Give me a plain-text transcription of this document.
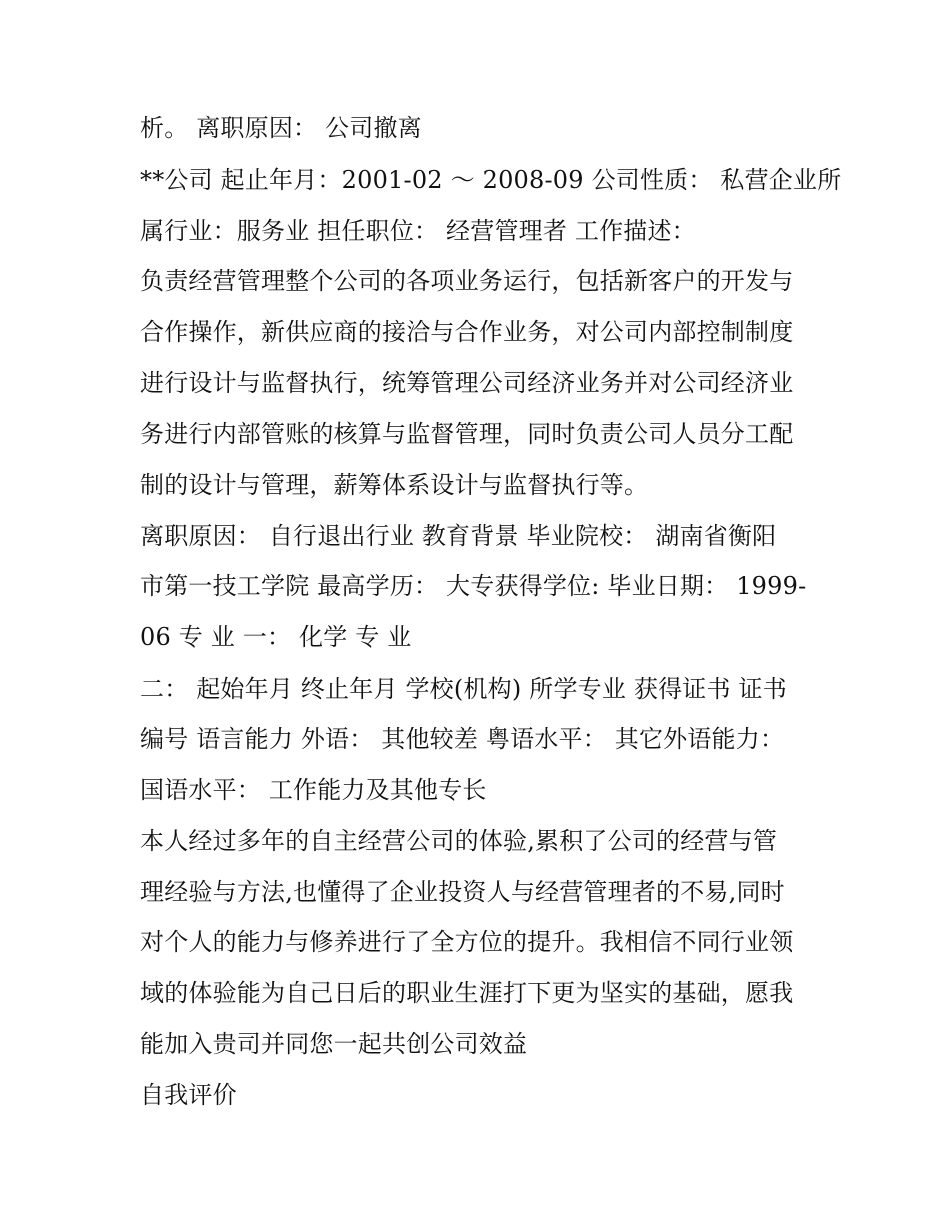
析。 离职原因： 公司撤离
**公司 起止年月：2001-02 ～ 2008-09 公司性质： 私营企业所
属行业：服务业 担任职位： 经营管理者 工作描述：
负责经营管理整个公司的各项业务运行，包括新客户的开发与
合作操作，新供应商的接洽与合作业务，对公司内部控制制度
进行设计与监督执行，统筹管理公司经济业务并对公司经济业
务进行内部管账的核算与监督管理，同时负责公司人员分工配
制的设计与管理，薪筹体系设计与监督执行等。
离职原因： 自行退出行业 教育背景 毕业院校： 湖南省衡阳
市第一技工学院 最高学历： 大专获得学位: 毕业日期： 1999-
06 专 业 一： 化学 专 业
二： 起始年月 终止年月 学校(机构) 所学专业 获得证书 证书
编号 语言能力 外语： 其他较差 粤语水平： 其它外语能力：
国语水平： 工作能力及其他专长
本人经过多年的自主经营公司的体验,累积了公司的经营与管
理经验与方法,也懂得了企业投资人与经营管理者的不易,同时
对个人的能力与修养进行了全方位的提升。我相信不同行业领
域的体验能为自己日后的职业生涯打下更为坚实的基础，愿我
能加入贵司并同您一起共创公司效益
自我评价
